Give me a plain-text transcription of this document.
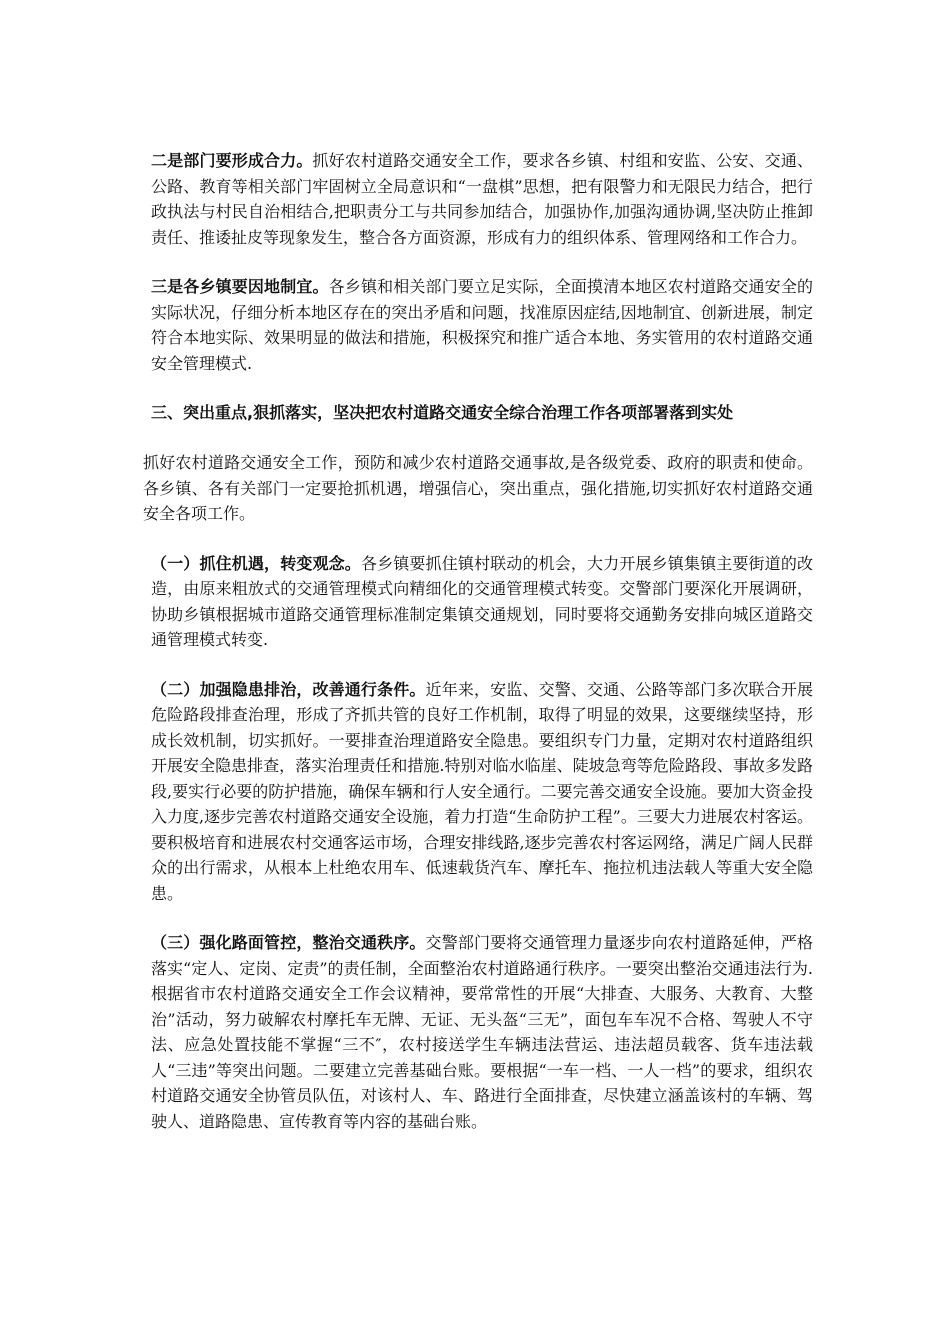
二是部门要形成合力。抓好农村道路交通安全工作，要求各乡镇、村组和安监、公安、交通、公路、教育等相关部门牢固树立全局意识和“一盘棋”思想，把有限警力和无限民力结合，把行政执法与村民自治相结合,把职责分工与共同参加结合，加强协作,加强沟通协调,坚决防止推卸责任、推诿扯皮等现象发生，整合各方面资源，形成有力的组织体系、管理网络和工作合力。

三是各乡镇要因地制宜。各乡镇和相关部门要立足实际，全面摸清本地区农村道路交通安全的实际状况，仔细分析本地区存在的突出矛盾和问题，找准原因症结,因地制宜、创新进展，制定符合本地实际、效果明显的做法和措施，积极探究和推广适合本地、务实管用的农村道路交通安全管理模式.

三、突出重点,狠抓落实，坚决把农村道路交通安全综合治理工作各项部署落到实处

抓好农村道路交通安全工作，预防和减少农村道路交通事故,是各级党委、政府的职责和使命。各乡镇、各有关部门一定要抢抓机遇，增强信心，突出重点，强化措施,切实抓好农村道路交通安全各项工作。

（一）抓住机遇，转变观念。各乡镇要抓住镇村联动的机会，大力开展乡镇集镇主要街道的改造，由原来粗放式的交通管理模式向精细化的交通管理模式转变。交警部门要深化开展调研，协助乡镇根据城市道路交通管理标准制定集镇交通规划，同时要将交通勤务安排向城区道路交通管理模式转变.

（二）加强隐患排治，改善通行条件。近年来，安监、交警、交通、公路等部门多次联合开展危险路段排查治理，形成了齐抓共管的良好工作机制，取得了明显的效果，这要继续坚持，形成长效机制，切实抓好。一要排查治理道路安全隐患。要组织专门力量，定期对农村道路组织开展安全隐患排查，落实治理责任和措施.特别对临水临崖、陡坡急弯等危险路段、事故多发路段,要实行必要的防护措施，确保车辆和行人安全通行。二要完善交通安全设施。要加大资金投入力度,逐步完善农村道路交通安全设施，着力打造“生命防护工程”。三要大力进展农村客运。要积极培育和进展农村交通客运市场，合理安排线路,逐步完善农村客运网络，满足广阔人民群众的出行需求，从根本上杜绝农用车、低速载货汽车、摩托车、拖拉机违法载人等重大安全隐患。

（三）强化路面管控，整治交通秩序。交警部门要将交通管理力量逐步向农村道路延伸，严格落实“定人、定岗、定责”的责任制，全面整治农村道路通行秩序。一要突出整治交通违法行为.根据省市农村道路交通安全工作会议精神，要常常性的开展“大排查、大服务、大教育、大整治”活动，努力破解农村摩托车无牌、无证、无头盔“三无”，面包车车况不合格、驾驶人不守法、应急处置技能不掌握“三不″，农村接送学生车辆违法营运、违法超员载客、货车违法载人“三违”等突出问题。二要建立完善基础台账。要根据“一车一档、一人一档”的要求，组织农村道路交通安全协管员队伍，对该村人、车、路进行全面排查，尽快建立涵盖该村的车辆、驾驶人、道路隐患、宣传教育等内容的基础台账。
